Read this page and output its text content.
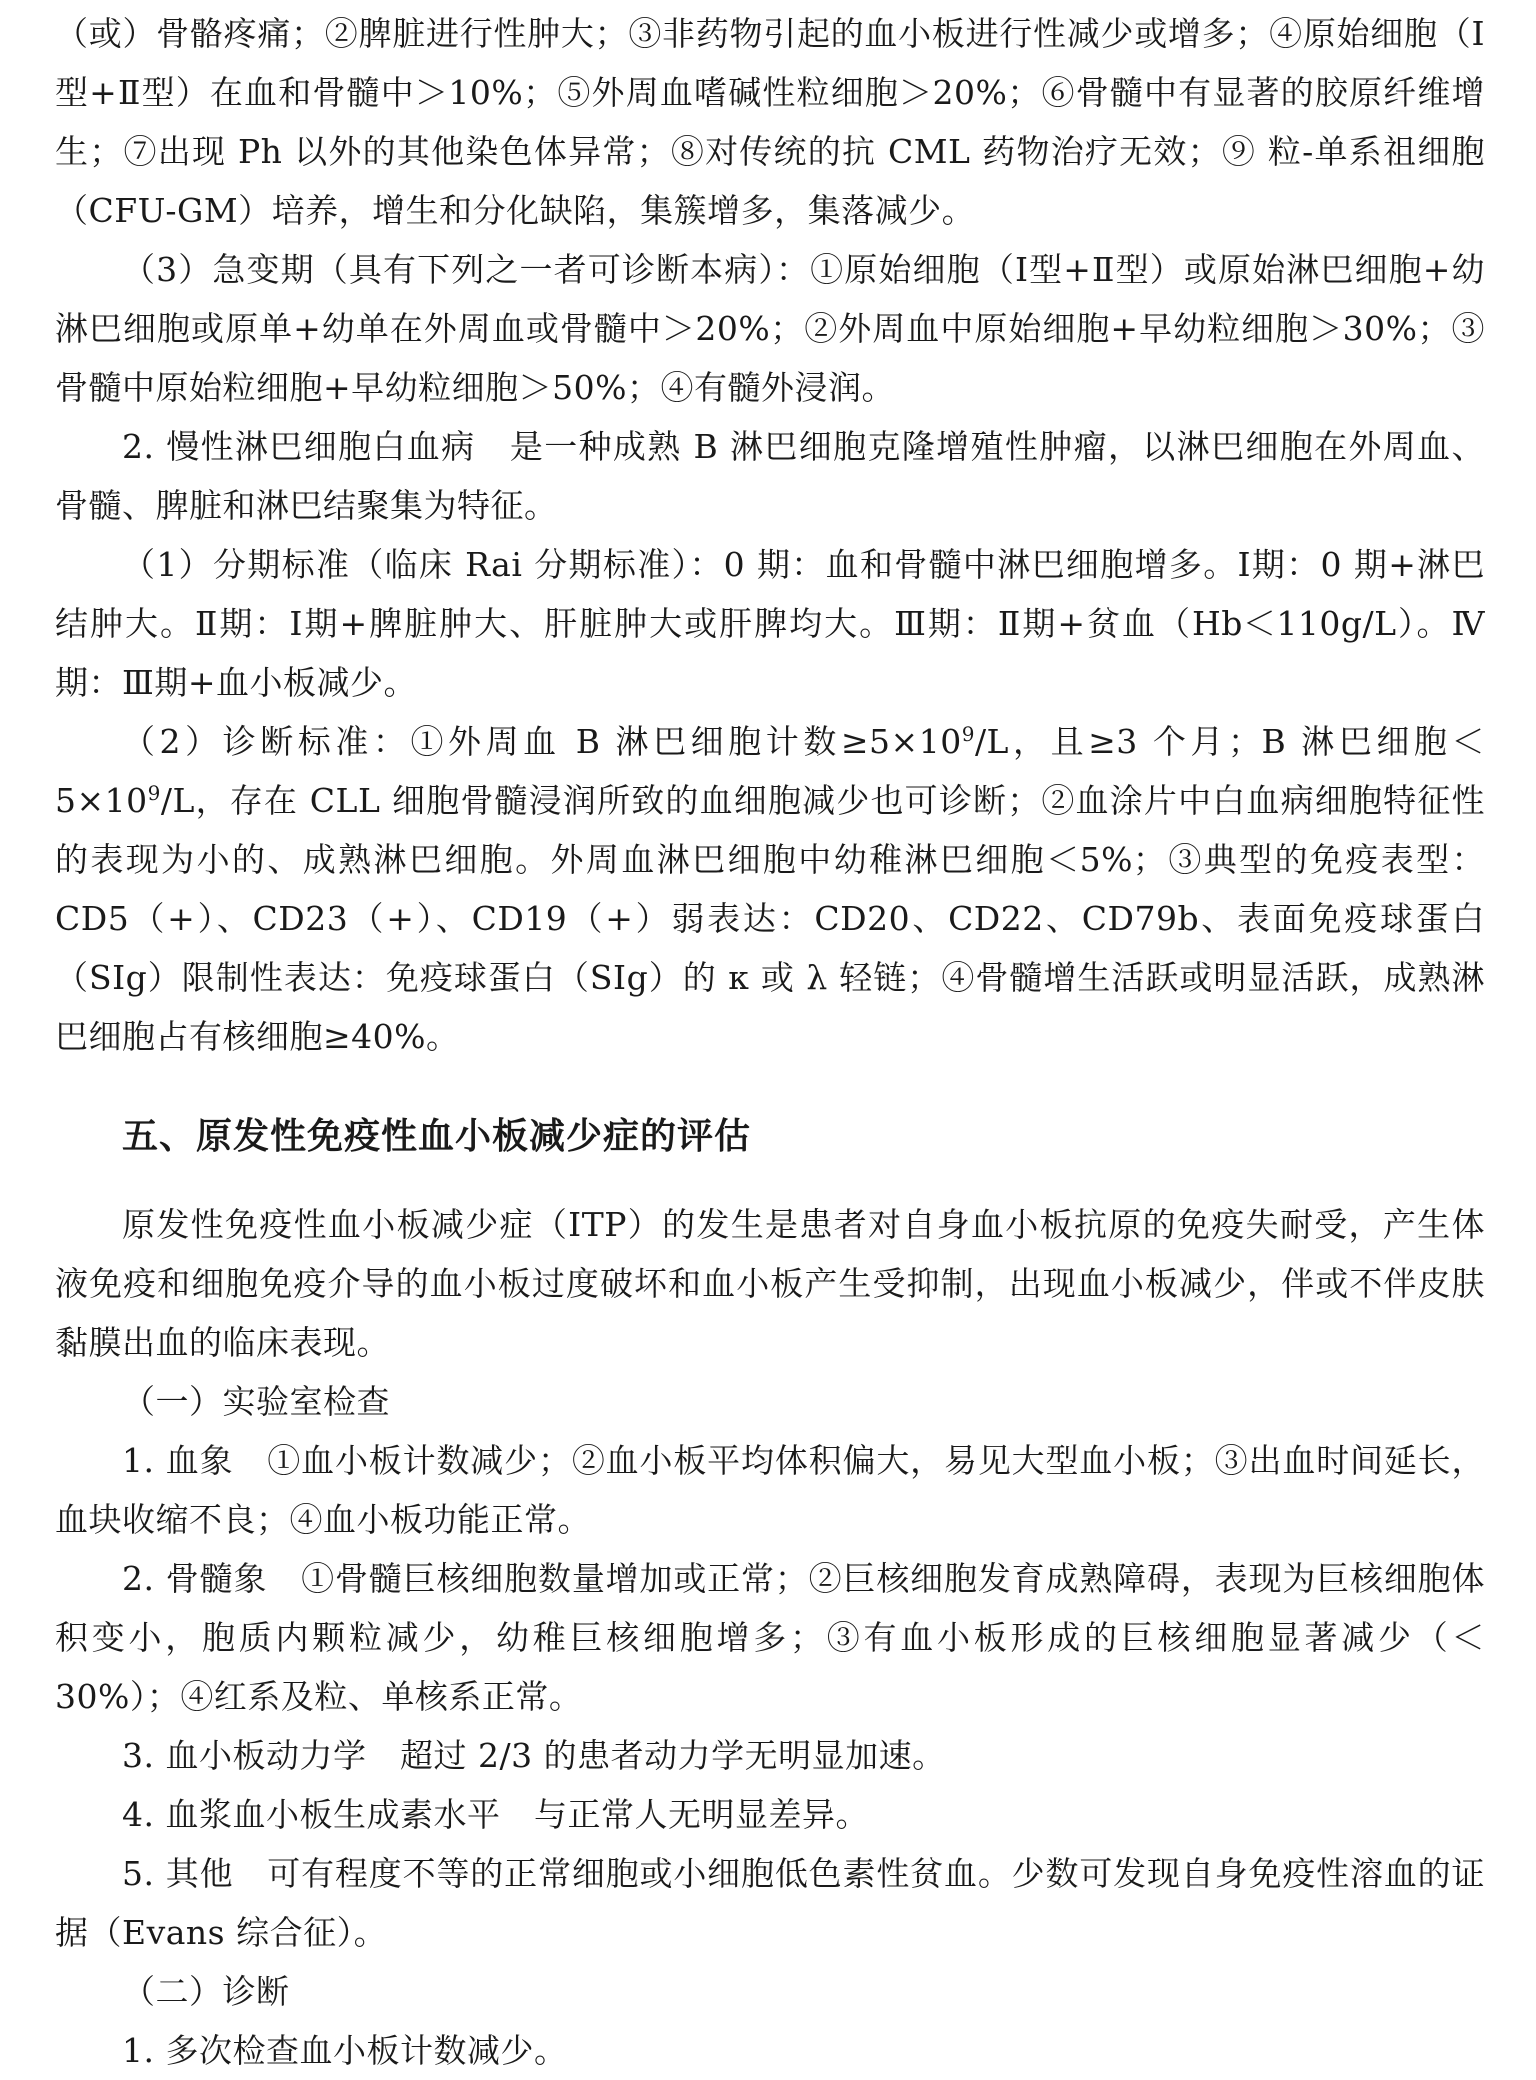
（或）骨骼疼痛；②脾脏进行性肿大；③非药物引起的血小板进行性减少或增多；④原始细胞（Ⅰ型+Ⅱ型）在血和骨髓中＞10%；⑤外周血嗜碱性粒细胞＞20%；⑥骨髓中有显著的胶原纤维增生；⑦出现 Ph 以外的其他染色体异常；⑧对传统的抗 CML 药物治疗无效；⑨ 粒-单系祖细胞（CFU-GM）培养，增生和分化缺陷，集簇增多，集落减少。

（3）急变期（具有下列之一者可诊断本病）：①原始细胞（Ⅰ型+Ⅱ型）或原始淋巴细胞+幼淋巴细胞或原单+幼单在外周血或骨髓中＞20%；②外周血中原始细胞+早幼粒细胞＞30%；③骨髓中原始粒细胞+早幼粒细胞＞50%；④有髓外浸润。

2. 慢性淋巴细胞白血病　是一种成熟 B 淋巴细胞克隆增殖性肿瘤，以淋巴细胞在外周血、骨髓、脾脏和淋巴结聚集为特征。

（1）分期标准（临床 Rai 分期标准）：0 期：血和骨髓中淋巴细胞增多。Ⅰ期：0 期+淋巴结肿大。Ⅱ期：Ⅰ期+脾脏肿大、肝脏肿大或肝脾均大。Ⅲ期：Ⅱ期+贫血（Hb＜110g/L）。Ⅳ期：Ⅲ期+血小板减少。

（2）诊断标准：①外周血 B 淋巴细胞计数$\ge 5\times 10^9/L$，且≥3 个月；B 淋巴细胞$<5\times 10^9/L$，存在 CLL 细胞骨髓浸润所致的血细胞减少也可诊断；②血涂片中白血病细胞特征性的表现为小的、成熟淋巴细胞。外周血淋巴细胞中幼稚淋巴细胞＜5%；③典型的免疫表型：CD5（+）、CD23（+）、CD19（+）弱表达：CD20、CD22、CD79b、表面免疫球蛋白（SIg）限制性表达：免疫球蛋白（SIg）的 κ 或 λ 轻链；④骨髓增生活跃或明显活跃，成熟淋巴细胞占有核细胞≥40%。

五、原发性免疫性血小板减少症的评估

原发性免疫性血小板减少症（ITP）的发生是患者对自身血小板抗原的免疫失耐受，产生体液免疫和细胞免疫介导的血小板过度破坏和血小板产生受抑制，出现血小板减少，伴或不伴皮肤黏膜出血的临床表现。

（一）实验室检查

1. 血象　①血小板计数减少；②血小板平均体积偏大，易见大型血小板；③出血时间延长，血块收缩不良；④血小板功能正常。

2. 骨髓象　①骨髓巨核细胞数量增加或正常；②巨核细胞发育成熟障碍，表现为巨核细胞体积变小，胞质内颗粒减少，幼稚巨核细胞增多；③有血小板形成的巨核细胞显著减少（＜30%）；④红系及粒、单核系正常。

3. 血小板动力学　超过 2/3 的患者动力学无明显加速。

4. 血浆血小板生成素水平　与正常人无明显差异。

5. 其他　可有程度不等的正常细胞或小细胞低色素性贫血。少数可发现自身免疫性溶血的证据（Evans 综合征）。

（二）诊断

1. 多次检查血小板计数减少。
